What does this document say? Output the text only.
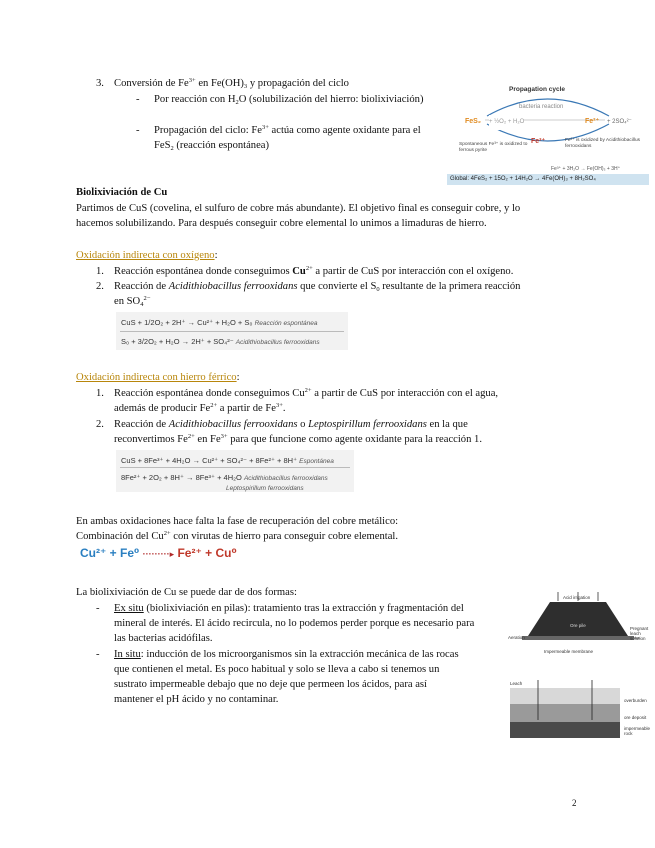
3. Conversión de $Fe^{3+}$ en $Fe(OH)_3$ y propagación del ciclo
- Por reacción con $H_2O$ (solubilización del hierro: biolixiviación)
- Propagación del ciclo: $Fe^{3+}$ actúa como agente oxidante para el FeS$_2$ (reacción espontánea)
Propagation cycle
bacteria reaction
FeS₂ + ½O₂ + H₂O	Fe²⁺ + 2SO₄²⁻
Fe³⁺
Spontaneous Fe³⁺ is oxidized to ferrous pyrite
Fe²⁺ is oxidized by Acidithiobacillus ferrooxidans
Fe³⁺ + 3H₂O → Fe(OH)₃ + 3H⁺
Global: 4FeS₂ + 15O₂ + 14H₂O → 4Fe(OH)₃ + 8H₂SO₄
Biolixiviación de Cu
Partimos de CuS (covelina, el sulfuro de cobre más abundante). El objetivo final es conseguir cobre, y lo
hacemos solubilizando. Para después conseguir cobre elemental lo unimos a limaduras de hierro.
Oxidación indirecta con oxígeno:
1. Reacción espontánea donde conseguimos $Cu^{2+}$ a partir de CuS por interacción con el oxígeno.
2. Reacción de Acidithiobacillus ferrooxidans que convierte el $S_0$ resultante de la primera reacción
en $SO_4^{2-}$
CuS + 1/2O₂ + 2H⁺ → Cu²⁺ + H₂O + S₀ Reacción espontánea
S₀ + 3/2O₂ + H₂O → 2H⁺ + SO₄²⁻ Acidithiobacillus ferrooxidans
Oxidación indirecta con hierro férrico:
1. Reacción espontánea donde conseguimos $Cu^{2+}$ a partir de CuS por interacción con el agua,
además de producir $Fe^{2+}$ a partir de $Fe^{3+}$.
2. Reacción de Acidithiobacillus ferrooxidans o Leptospirillum ferrooxidans en la que
reconvertimos $Fe^{2+}$ en $Fe^{3+}$ para que funcione como agente oxidante para la reacción 1.
CuS + 8Fe³⁺ + 4H₂O → Cu²⁺ + SO₄²⁻ + 8Fe²⁺ + 8H⁺ Espontánea
8Fe²⁺ + 2O₂ + 8H⁺ → 8Fe³⁺ + 4H₂O Acidithiobacillus ferrooxidans
Leptospirillum ferrooxidans
En ambas oxidaciones hace falta la fase de recuperación del cobre metálico:
Combinación del $Cu^{2+}$ con virutas de hierro para conseguir cobre elemental.
Cu²⁺ + Fe⁰ ·········▸ Fe²⁺ + Cu⁰
La biolixiviación de Cu se puede dar de dos formas:
- Ex situ (biolixiviación en pilas): tratamiento tras la extracción y fragmentación del
mineral de interés. El ácido recircula, no lo podemos perder porque es necesario para
las bacterias acidófilas.
- In situ: inducción de los microorganismos sin la extracción mecánica de las rocas
que contienen el metal. Es poco habitual y solo se lleva a cabo si tenemos un
sustrato impermeable debajo que no deje que permeen los ácidos, para así
mantener el pH ácido y no contaminar.
Acid irrigation
Ore pile
Pregnant leach solution
Aeration
Impermeable membrane
Leach
overburden
ore deposit
impermeable rock
2
